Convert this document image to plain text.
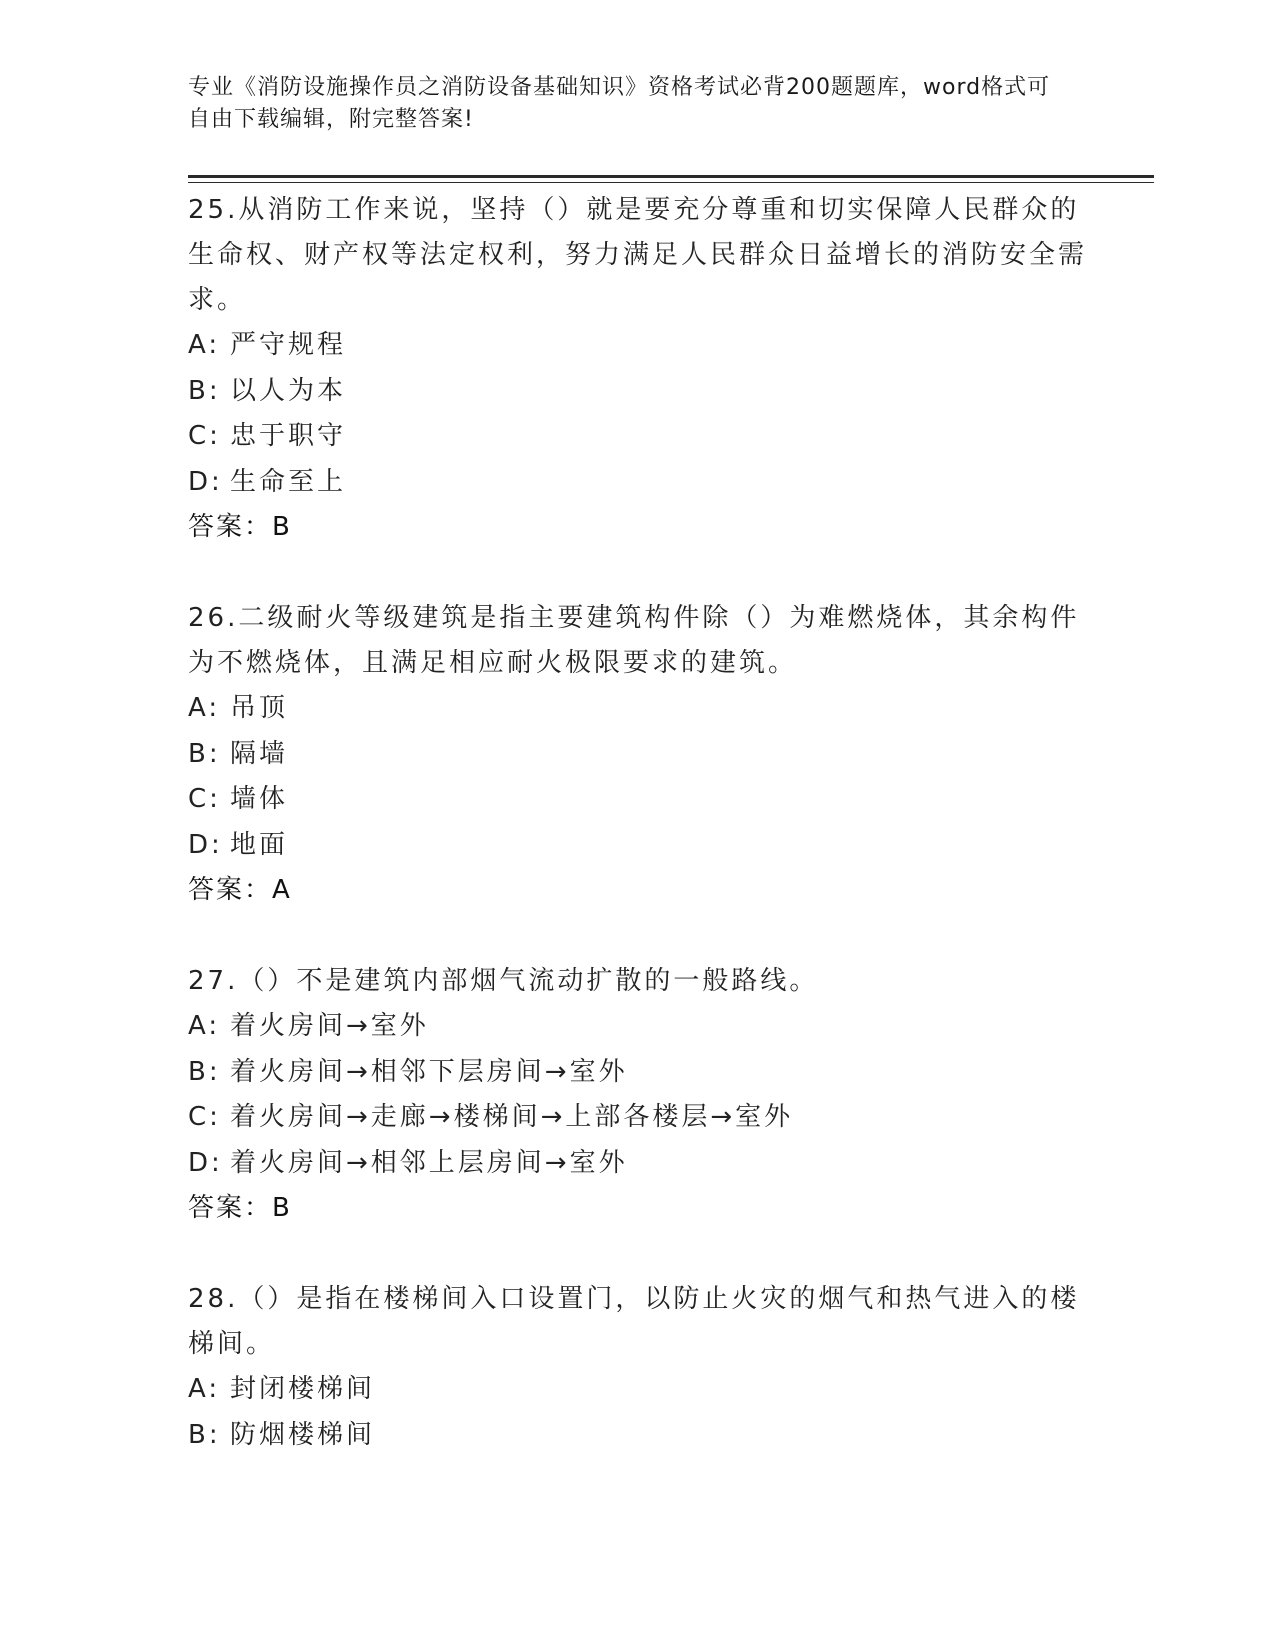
专业《消防设施操作员之消防设备基础知识》资格考试必背200题题库，word格式可自由下载编辑，附完整答案!
25.从消防工作来说，坚持（）就是要充分尊重和切实保障人民群众的生命权、财产权等法定权利，努力满足人民群众日益增长的消防安全需求。
A: 严守规程
B: 以人为本
C: 忠于职守
D: 生命至上
答案：B
26.二级耐火等级建筑是指主要建筑构件除（）为难燃烧体，其余构件为不燃烧体，且满足相应耐火极限要求的建筑。
A: 吊顶
B: 隔墙
C: 墙体
D: 地面
答案：A
27.（）不是建筑内部烟气流动扩散的一般路线。
A: 着火房间→室外
B: 着火房间→相邻下层房间→室外
C: 着火房间→走廊→楼梯间→上部各楼层→室外
D: 着火房间→相邻上层房间→室外
答案：B
28.（）是指在楼梯间入口设置门，以防止火灾的烟气和热气进入的楼梯间。
A: 封闭楼梯间
B: 防烟楼梯间
